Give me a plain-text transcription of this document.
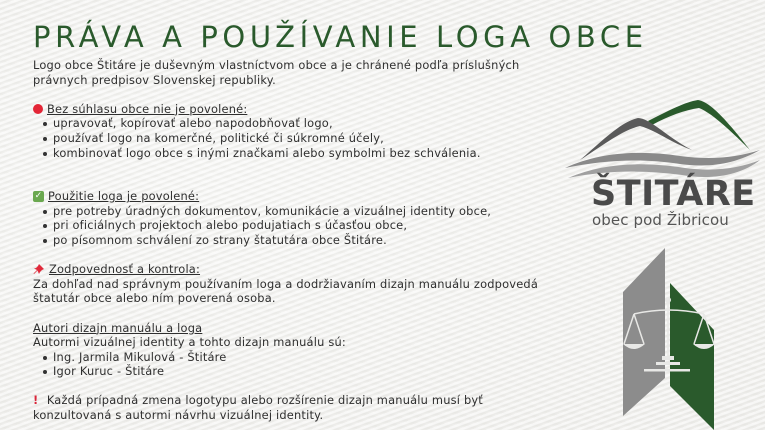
PRÁVA A POUŽÍVANIE LOGA OBCE

Logo obce Štitáre je duševným vlastníctvom obce a je chránené podľa príslušných

právnych predpisov Slovenskej republiky.

Bez súhlasu obce nie je povolené:
upravovať, kopírovať alebo napodobňovať logo,
používať logo na komerčné, politické či súkromné účely,
kombinovať logo obce s inými značkami alebo symbolmi bez schválenia.
✓ Použitie loga je povolené:
pre potreby úradných dokumentov, komunikácie a vizuálnej identity obce,
pri oficiálnych projektoch alebo podujatiach s účasťou obce,
po písomnom schválení zo strany štatutára obce Štitáre.
Zodpovednosť a kontrola:

Za dohľad nad správnym používaním loga a dodržiavaním dizajn manuálu zodpovedá

štatutár obce alebo ním poverená osoba.

Autori dizajn manuálu a loga

Autormi vizuálnej identity a tohto dizajn manuálu sú:

Ing. Jarmila Mikulová - Štitáre
Igor Kuruc - Štitáre

! Každá prípadná zmena logotypu alebo rozšírenie dizajn manuálu musí byť

konzultovaná s autormi návrhu vizuálnej identity.

ŠTITÁRE
obec pod Žibricou
